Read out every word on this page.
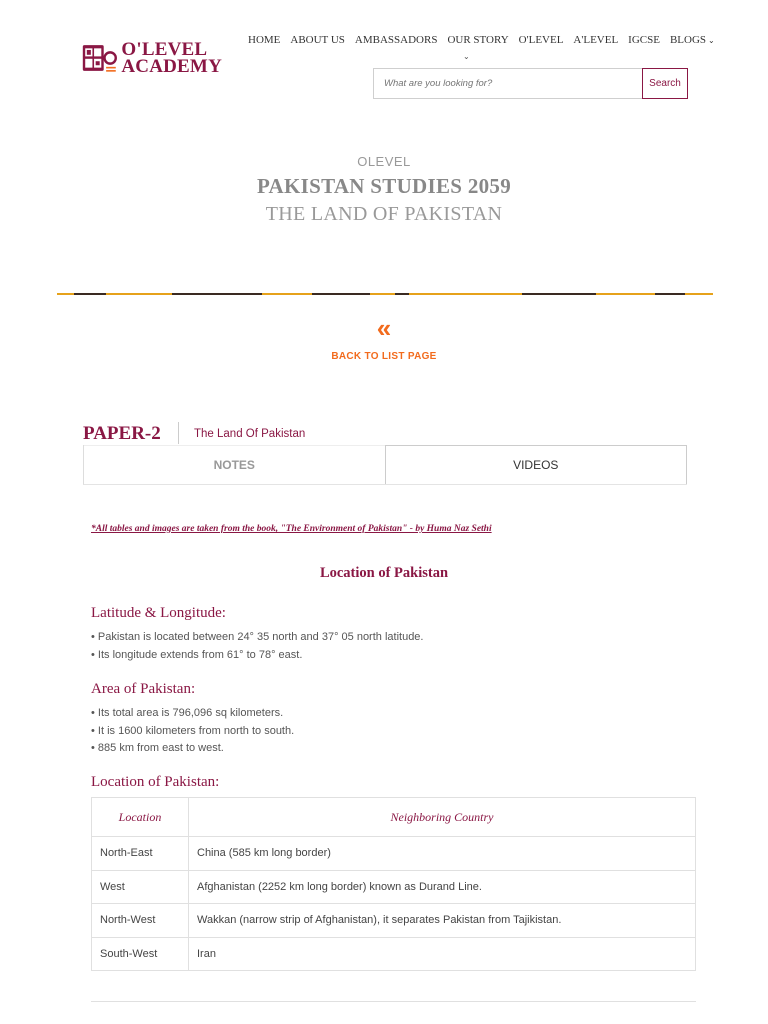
O'LEVEL
ACADEMY
HOME ABOUT US AMBASSADORS OUR STORY O'LEVEL A'LEVEL IGCSE BLOGS ⌄
⌄
What are you looking for?
Search
OLEVEL
PAKISTAN STUDIES 2059
THE LAND OF PAKISTAN
«
BACK TO LIST PAGE
PAPER-2	The Land Of Pakistan
NOTES	VIDEOS
*All tables and images are taken from the book, "The Environment of Pakistan" - by Huma Naz Sethi
Location of Pakistan
Latitude & Longitude:
• Pakistan is located between 24° 35 north and 37° 05 north latitude.
• Its longitude extends from 61° to 78° east.
Area of Pakistan:
• Its total area is 796,096 sq kilometers.
• It is 1600 kilometers from north to south.
• 885 km from east to west.
Location of Pakistan:
Location	Neighboring Country
North-East	China (585 km long border)
West	Afghanistan (2252 km long border) known as Durand Line.
North-West	Wakkan (narrow strip of Afghanistan), it separates Pakistan from Tajikistan.
South-West	Iran
